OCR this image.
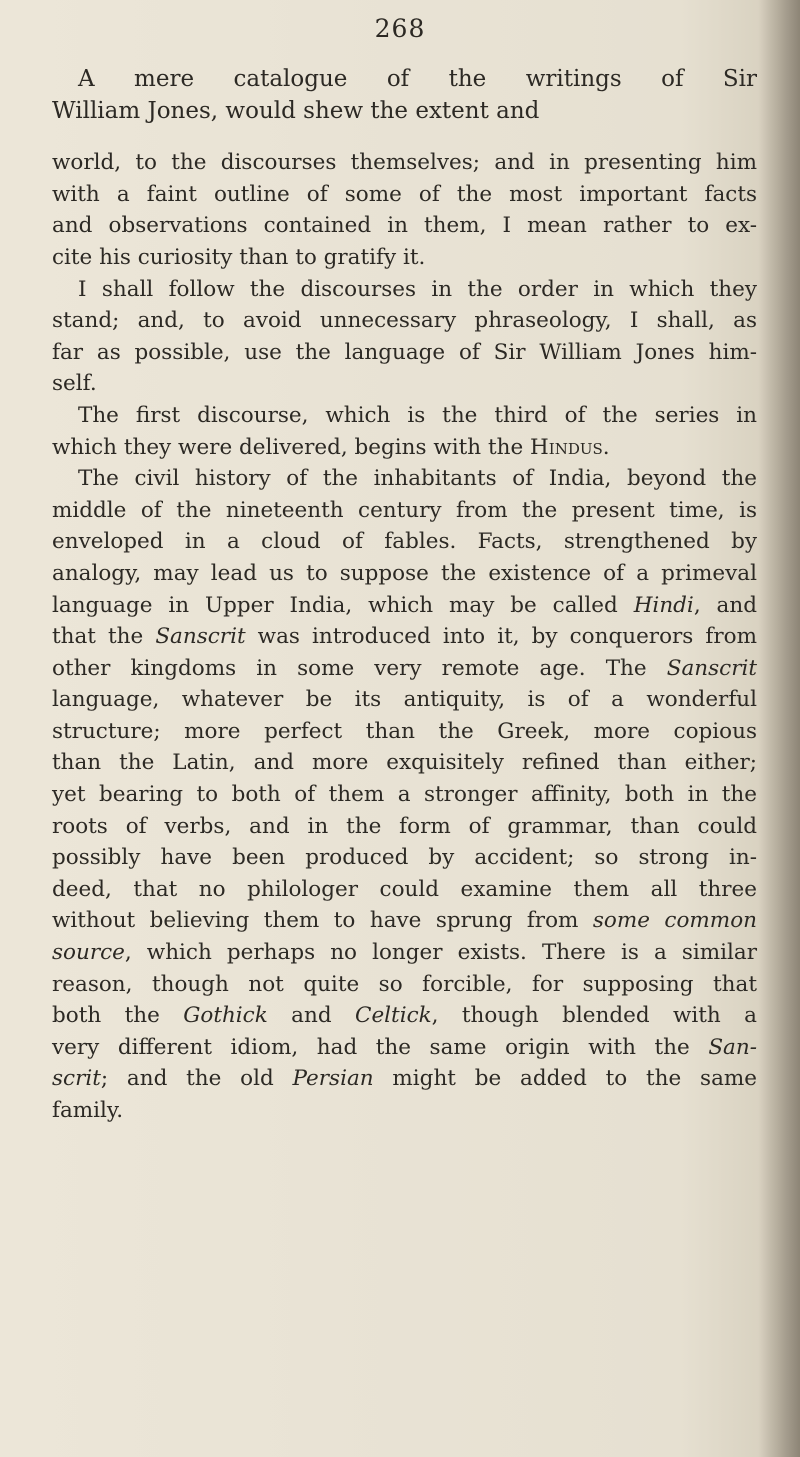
268
A mere catalogue of the writings of Sir
William Jones, would shew the extent and
world, to the discourses themselves; and in presenting him
with a faint outline of some of the most important facts
and observations contained in them, I mean rather to ex-
cite his curiosity than to gratify it.
I shall follow the discourses in the order in which they
stand; and, to avoid unnecessary phraseology, I shall, as
far as possible, use the language of Sir William Jones him-
self.
The first discourse, which is the third of the series in
which they were delivered, begins with the Hindus.
The civil history of the inhabitants of India, beyond the
middle of the nineteenth century from the present time, is
enveloped in a cloud of fables. Facts, strengthened by
analogy, may lead us to suppose the existence of a primeval
language in Upper India, which may be called Hindi, and
that the Sanscrit was introduced into it, by conquerors from
other kingdoms in some very remote age. The Sanscrit
language, whatever be its antiquity, is of a wonderful
structure; more perfect than the Greek, more copious
than the Latin, and more exquisitely refined than either;
yet bearing to both of them a stronger affinity, both in the
roots of verbs, and in the form of grammar, than could
possibly have been produced by accident; so strong in-
deed, that no philologer could examine them all three
without believing them to have sprung from some common
source, which perhaps no longer exists. There is a similar
reason, though not quite so forcible, for supposing that
both the Gothick and Celtick, though blended with a
very different idiom, had the same origin with the San-
scrit; and the old Persian might be added to the same
family.
